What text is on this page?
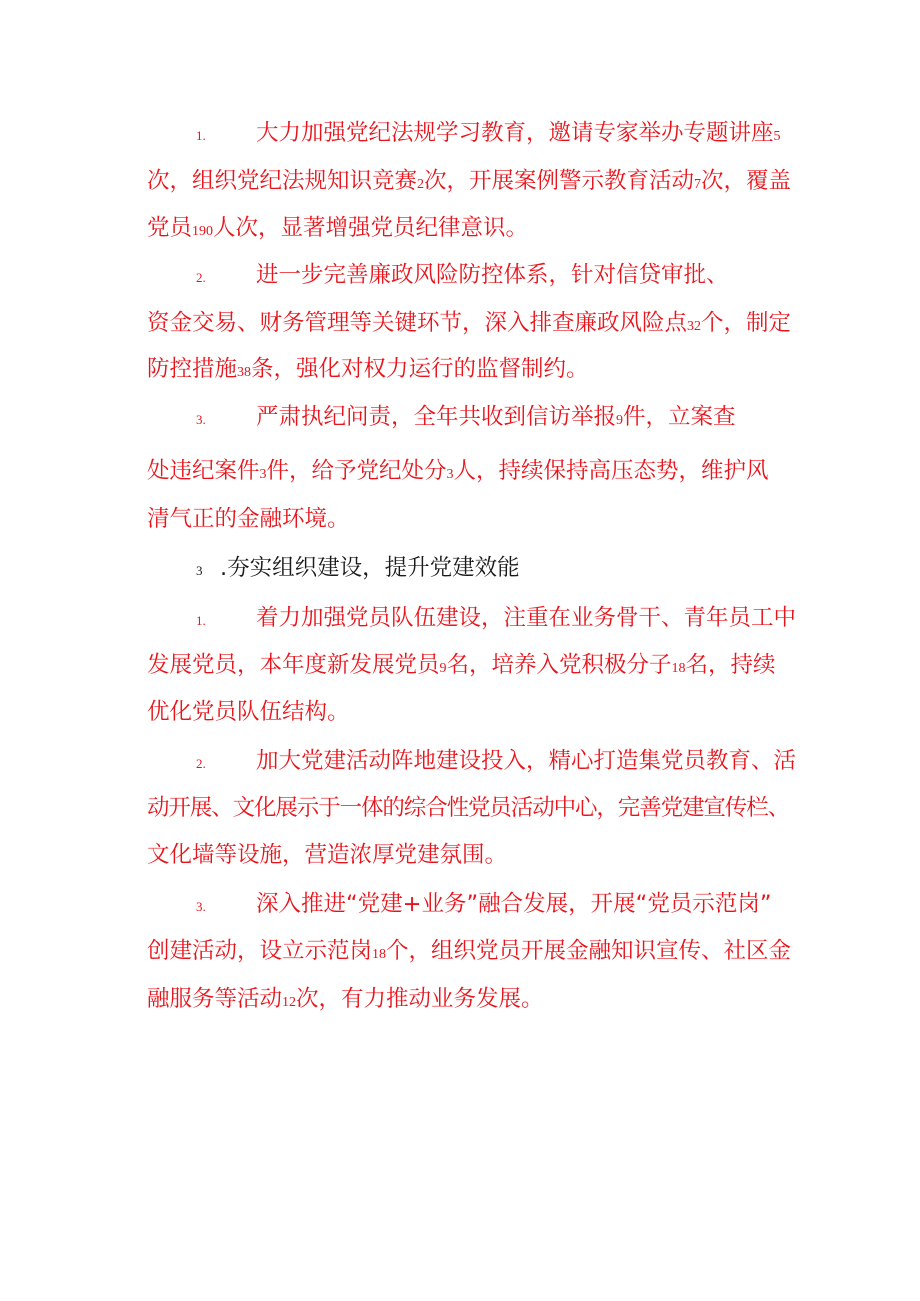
1. 大力加强党纪法规学习教育，邀请专家举办专题讲座5
次，组织党纪法规知识竞赛2次，开展案例警示教育活动7次，覆盖
党员190人次，显著增强党员纪律意识。
2. 进一步完善廉政风险防控体系，针对信贷审批、
资金交易、财务管理等关键环节，深入排查廉政风险点32个，制定
防控措施38条，强化对权力运行的监督制约。
3. 严肃执纪问责，全年共收到信访举报9件，立案查
处违纪案件3件，给予党纪处分3人，持续保持高压态势，维护风
清气正的金融环境。
3 .夯实组织建设，提升党建效能
1. 着力加强党员队伍建设，注重在业务骨干、青年员工中
发展党员，本年度新发展党员9名，培养入党积极分子18名，持续
优化党员队伍结构。
2. 加大党建活动阵地建设投入，精心打造集党员教育、活
动开展、文化展示于一体的综合性党员活动中心，完善党建宣传栏、
文化墙等设施，营造浓厚党建氛围。
3. 深入推进“党建+业务”融合发展，开展“党员示范岗”
创建活动，设立示范岗18个，组织党员开展金融知识宣传、社区金
融服务等活动12次，有力推动业务发展。
